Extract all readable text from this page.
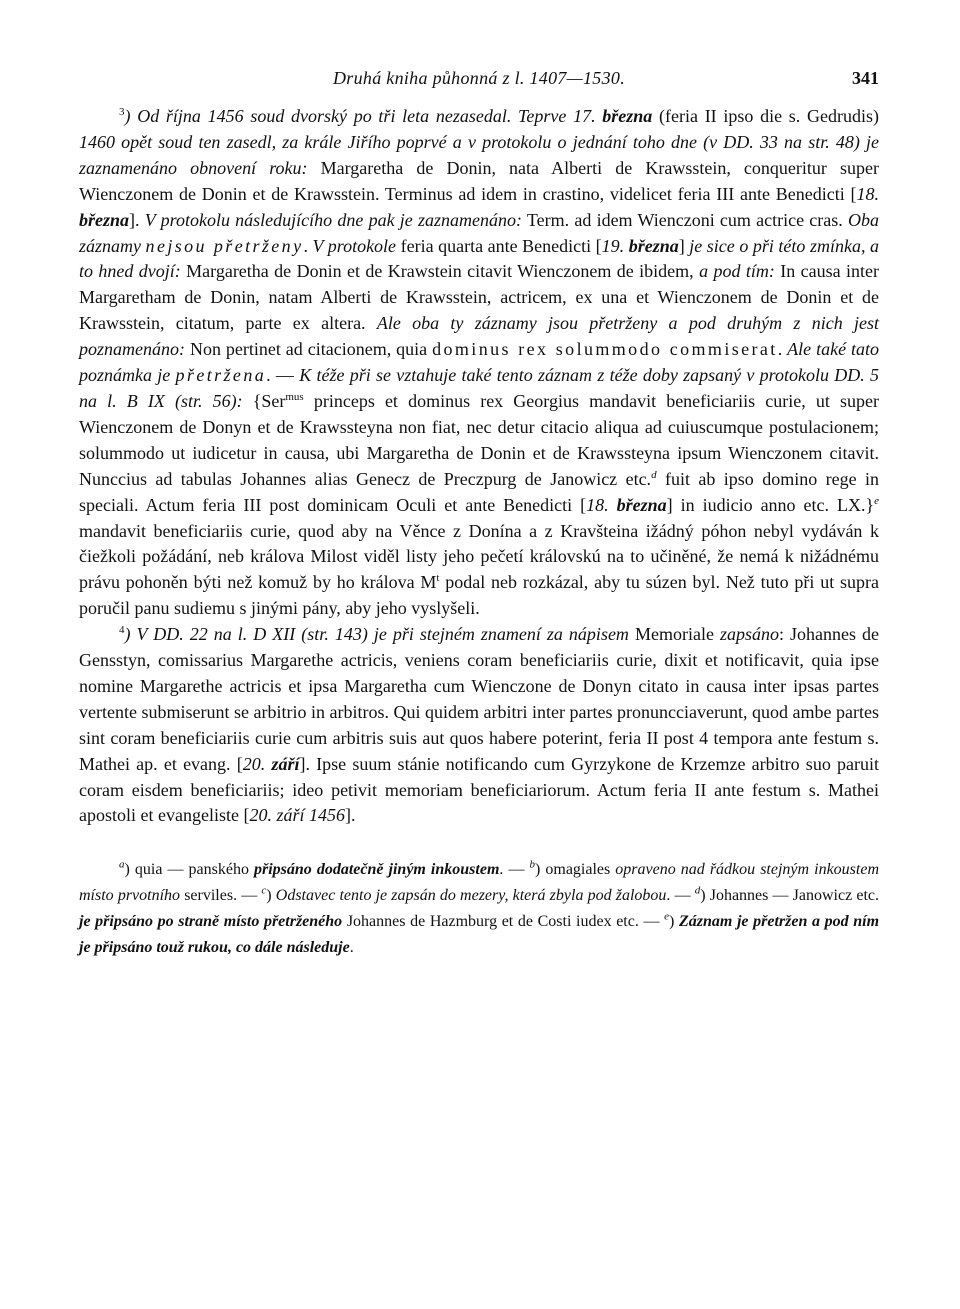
Druhá kniha půhonná z l. 1407—1530.	341

$^3$) Od října 1456 soud dvorský po tři leta nezasedal. Teprve 17. března (feria II ipso die s. Gedrudis) 1460 opět soud ten zasedl, za krále Jiřího poprvé a v protokolu o jednání toho dne (v DD. 33 na str. 48) je zaznamenáno obnovení roku: Margaretha de Donin, nata Alberti de Krawsstein, conqueritur super Wienczonem de Donin et de Krawsstein. Terminus ad idem in crastino, videlicet feria III ante Benedicti [18. března]. V protokolu následujícího dne pak je zaznamenáno: Term. ad idem Wienczoni cum actrice cras. Oba záznamy nejsou přetrženy. V protokole feria quarta ante Benedicti [19. března] je sice o při této zmínka, a to hned dvojí: Margaretha de Donin et de Krawstein citavit Wienczonem de ibidem, a pod tím: In causa inter Margaretham de Donin, natam Alberti de Krawsstein, actricem, ex una et Wienczonem de Donin et de Krawsstein, citatum, parte ex altera. Ale oba ty záznamy jsou přetrženy a pod druhým z nich jest poznamenáno: Non pertinet ad citacionem, quia dominus rex solummodo commiserat. Ale také tato poznámka je přetržena. — K téže při se vztahuje také tento záznam z téže doby zapsaný v protokolu DD. 5 na l. B IX (str. 56): {Ser$^{mus}$ princeps et dominus rex Georgius mandavit beneficiariis curie, ut super Wienczonem de Donyn et de Krawssteyna non fiat, nec detur citacio aliqua ad cuiuscumque postulacionem; solummodo ut iudicetur in causa, ubi Margaretha de Donin et de Krawssteyna ipsum Wienczonem citavit. Nunccius ad tabulas Johannes alias Genecz de Preczpurg de Janowicz etc.$^d$ fuit ab ipso domino rege in speciali. Actum feria III post dominicam Oculi et ante Benedicti [18. března] in iudicio anno etc. LX.}$^e$ mandavit beneficiariis curie, quod aby na Věnce z Donína a z Kravšteina ižádný póhon nebyl vydáván k čiežkoli požádání, neb králova Milost viděl listy jeho pečetí královskú na to učiněné, že nemá k nižádnému právu pohoněn býti než komuž by ho králova $M^t$ podal neb rozkázal, aby tu súzen byl. Než tuto při ut supra poručil panu sudiemu s jinými pány, aby jeho vyslyšeli.

$^4$) V DD. 22 na l. D XII (str. 143) je při stejném znamení za nápisem Memoriale zapsáno: Johannes de Gensstyn, comissarius Margarethe actricis, veniens coram beneficiariis curie, dixit et notificavit, quia ipse nomine Margarethe actricis et ipsa Margaretha cum Wienczone de Donyn citato in causa inter ipsas partes vertente submiserunt se arbitrio in arbitros. Qui quidem arbitri inter partes pronuncciaverunt, quod ambe partes sint coram beneficiariis curie cum arbitris suis aut quos habere poterint, feria II post 4 tempora ante festum s. Mathei ap. et evang. [20. září]. Ipse suum stánie notificando cum Gyrzykone de Krzemze arbitro suo paruit coram eisdem beneficiariis; ideo petivit memoriam beneficiariorum. Actum feria II ante festum s. Mathei apostoli et evangeliste [20. září 1456].

$^a$) quia — panského připsáno dodatečně jiným inkoustem. — $^b$) omagiales opraveno nad řádkou stejným inkoustem místo prvotního serviles. — $^c$) Odstavec tento je zapsán do mezery, která zbyla pod žalobou. — $^d$) Johannes — Janowicz etc. je připsáno po straně místo přetrženého Johannes de Hazmburg et de Costi iudex etc. — $^e$) Záznam je přetržen a pod ním je připsáno touž rukou, co dále následuje.
